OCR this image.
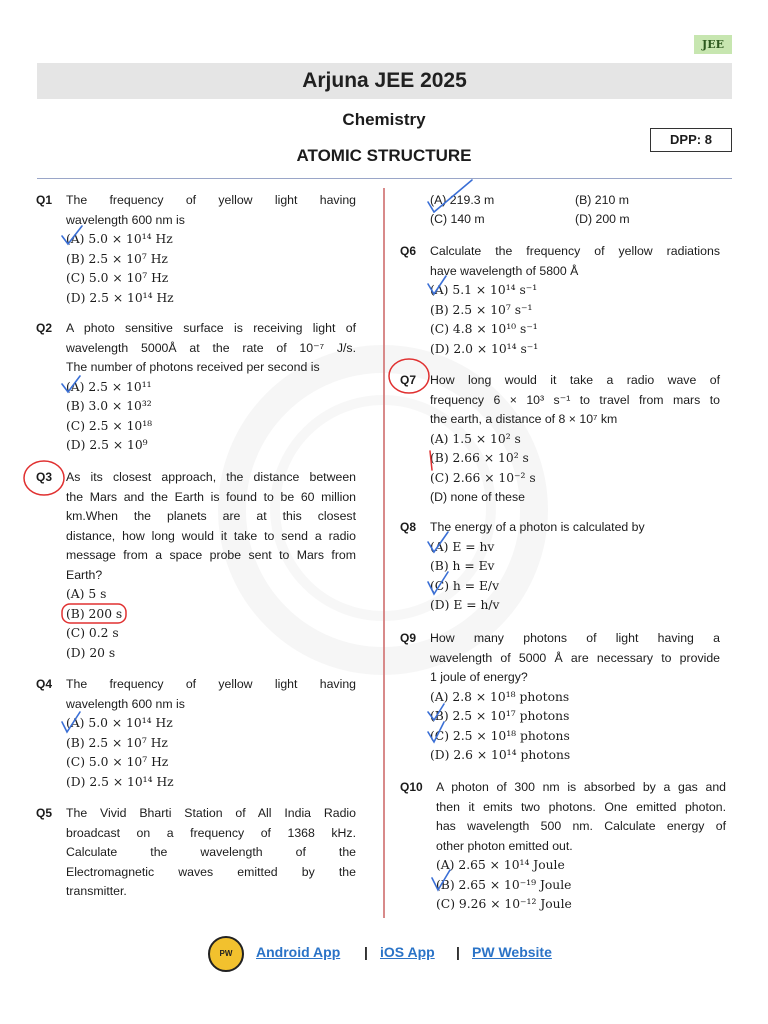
JEE
Arjuna JEE 2025
Chemistry
DPP: 8
ATOMIC STRUCTURE
Q1 The frequency of yellow light having
wavelength 600 nm is
(A) 5.0 × 10¹⁴ Hz
(B) 2.5 × 10⁷ Hz
(C) 5.0 × 10⁷ Hz
(D) 2.5 × 10¹⁴ Hz
Q2 A photo sensitive surface is receiving light of
wavelength 5000Å at the rate of 10⁻⁷ J/s.
The number of photons received per second is
(A) 2.5 × 10¹¹
(B) 3.0 × 10³²
(C) 2.5 × 10¹⁸
(D) 2.5 × 10⁹
Q3 As its closest approach, the distance between
the Mars and the Earth is found to be 60 million
km.When the planets are at this closest
distance, how long would it take to send a radio
message from a space probe sent to Mars from
Earth?
(A) 5 s
(B) 200 s
(C) 0.2 s
(D) 20 s
Q4 The frequency of yellow light having
wavelength 600 nm is
(A) 5.0 × 10¹⁴ Hz
(B) 2.5 × 10⁷ Hz
(C) 5.0 × 10⁷ Hz
(D) 2.5 × 10¹⁴ Hz
Q5 The Vivid Bharti Station of All India Radio
broadcast on a frequency of 1368 kHz.
Calculate the wavelength of the
Electromagnetic waves emitted by the
transmitter.
(A) 219.3 m	(B) 210 m
(C) 140 m	(D) 200 m
Q6 Calculate the frequency of yellow radiations
have wavelength of 5800 Å
(A) 5.1 × 10¹⁴ s⁻¹
(B) 2.5 × 10⁷ s⁻¹
(C) 4.8 × 10¹⁰ s⁻¹
(D) 2.0 × 10¹⁴ s⁻¹
Q7 How long would it take a radio wave of
frequency 6 × 10³ s⁻¹ to travel from mars to
the earth, a distance of 8 × 10⁷ km
(A) 1.5 × 10² s
(B) 2.66 × 10² s
(C) 2.66 × 10⁻² s
(D) none of these
Q8 The energy of a photon is calculated by
(A) E = hv
(B) h = Ev
(C) h = E/v
(D) E = h/v
Q9 How many photons of light having a
wavelength of 5000 Å are necessary to provide
1 joule of energy?
(A) 2.8 × 10¹⁸ photons
(B) 2.5 × 10¹⁷ photons
(C) 2.5 × 10¹⁸ photons
(D) 2.6 × 10¹⁴ photons
Q10 A photon of 300 nm is absorbed by a gas and
then it emits two photons. One emitted photon.
has wavelength 500 nm. Calculate energy of
other photon emitted out.
(A) 2.65 × 10¹⁴ Joule
(B) 2.65 × 10⁻¹⁹ Joule
(C) 9.26 × 10⁻¹² Joule
PW	Android App | iOS App | PW Website
